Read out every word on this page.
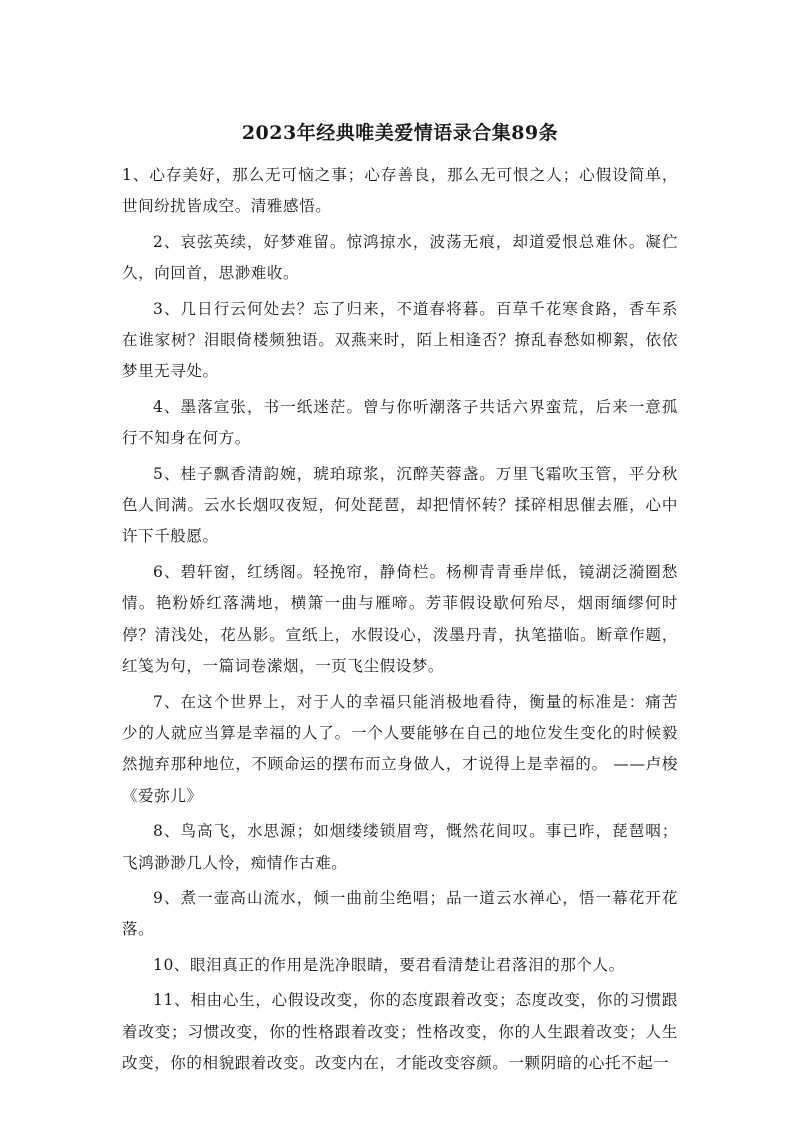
2023年经典唯美爱情语录合集89条

1、心存美好，那么无可恼之事；心存善良，那么无可恨之人；心假设简单，世间纷扰皆成空。清雅感悟。

2、哀弦英续，好梦难留。惊鸿掠水，波荡无痕，却道爱恨总难休。凝伫久，向回首，思渺难收。

3、几日行云何处去？忘了归来，不道春将暮。百草千花寒食路，香车系在谁家树？泪眼倚楼频独语。双燕来时，陌上相逢否？撩乱春愁如柳絮，依依梦里无寻处。

4、墨落宣张，书一纸迷茫。曾与你听潮落子共话六界蛮荒，后来一意孤行不知身在何方。

5、桂子飘香清韵婉，琥珀琼浆，沉醉芙蓉盏。万里飞霜吹玉管，平分秋色人间满。云水长烟叹夜短，何处琵琶，却把情怀转？揉碎相思催去雁，心中许下千般愿。

6、碧轩窗，红绣阁。轻挽帘，静倚栏。杨柳青青垂岸低，镜湖泛漪圈愁情。艳粉娇红落满地，横箫一曲与雁啼。芳菲假设歇何殆尽，烟雨缅缪何时停？清浅处，花丛影。宣纸上，水假设心，泼墨丹青，执笔描临。断章作题，红笺为句，一篇词卷潆烟，一页飞尘假设梦。

7、在这个世界上，对于人的幸福只能消极地看待，衡量的标准是：痛苦少的人就应当算是幸福的人了。一个人要能够在自己的地位发生变化的时候毅然抛弃那种地位，不顾命运的摆布而立身做人，才说得上是幸福的。 ——卢梭《爱弥儿》

8、鸟高飞，水思源；如烟缕缕锁眉弯，慨然花间叹。事已昨，琵琶咽；飞鸿渺渺几人怜，痴情作古难。

9、煮一壶高山流水，倾一曲前尘绝唱；品一道云水禅心，悟一幕花开花落。

10、眼泪真正的作用是洗净眼睛，要君看清楚让君落泪的那个人。

11、相由心生，心假设改变，你的态度跟着改变；态度改变，你的习惯跟着改变；习惯改变，你的性格跟着改变；性格改变，你的人生跟着改变；人生改变，你的相貌跟着改变。改变内在，才能改变容颜。一颗阴暗的心托不起一
